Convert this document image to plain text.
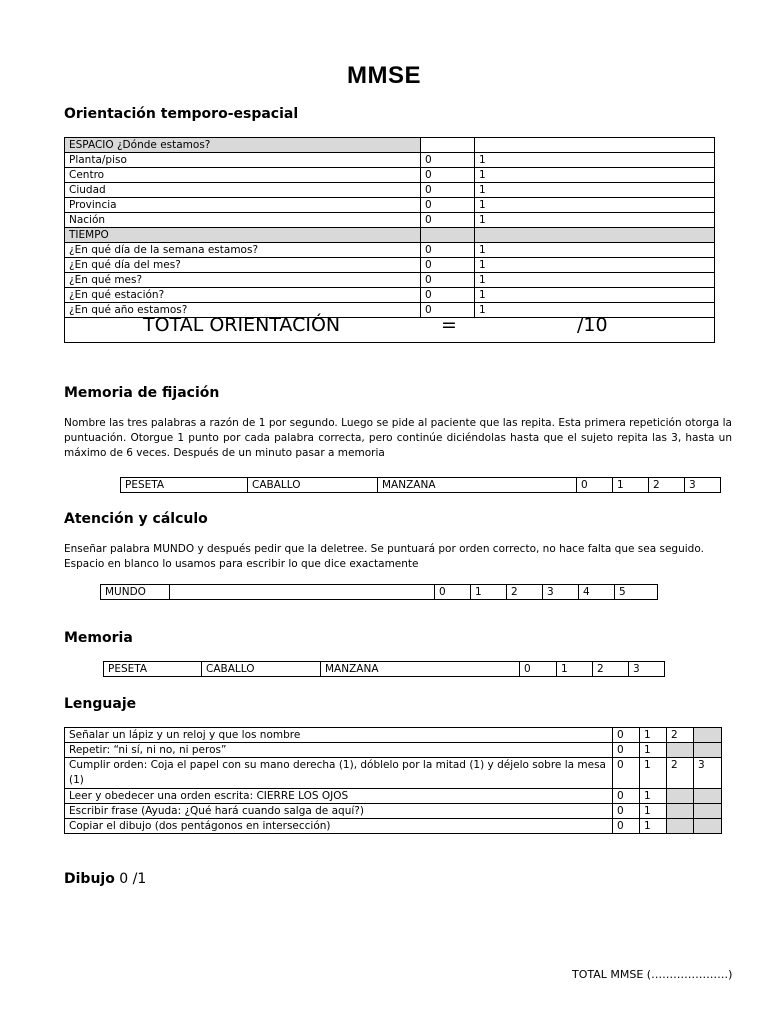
MMSE
Orientación temporo-espacial
ESPACIO ¿Dónde estamos?		
Planta/piso	0	1
Centro	0	1
Ciudad	0	1
Provincia	0	1
Nación	0	1
TIEMPO		
¿En qué día de la semana estamos?	0	1
¿En qué día del mes?	0	1
¿En qué mes?	0	1
¿En qué estación?	0	1
¿En qué año estamos?	0	1

TOTAL ORIENTACIÓN = /10		
Memoria de fijación
Nombre las tres palabras a razón de 1 por segundo. Luego se pide al paciente que las repita. Esta primera repetición otorga la puntuación. Otorgue 1 punto por cada palabra correcta, pero continúe diciéndolas hasta que el sujeto repita las 3, hasta un máximo de 6 veces. Después de un minuto pasar a memoria
PESETA	CABALLO	MANZANA	0	1	2	3
Atención y cálculo
Enseñar palabra MUNDO y después pedir que la deletree. Se puntuará por orden correcto, no hace falta que sea seguido. Espacio en blanco lo usamos para escribir lo que dice exactamente
MUNDO		0	1	2	3	4	5
Memoria
PESETA	CABALLO	MANZANA	0	1	2	3
Lenguaje
Señalar un lápiz y un reloj y que los nombre	0	1	2	
Repetir: “ni sí, ni no, ni peros”	0	1		
Cumplir orden: Coja el papel con su mano derecha (1), dóblelo por la mitad (1) y déjelo sobre la mesa (1)	0	1	2	3
Leer y obedecer una orden escrita: CIERRE LOS OJOS	0	1		
Escribir frase (Ayuda: ¿Qué hará cuando salga de aquí?)	0	1		
Copiar el dibujo (dos pentágonos en intersección)	0	1		
Dibujo 0 /1
TOTAL MMSE (…………………)
